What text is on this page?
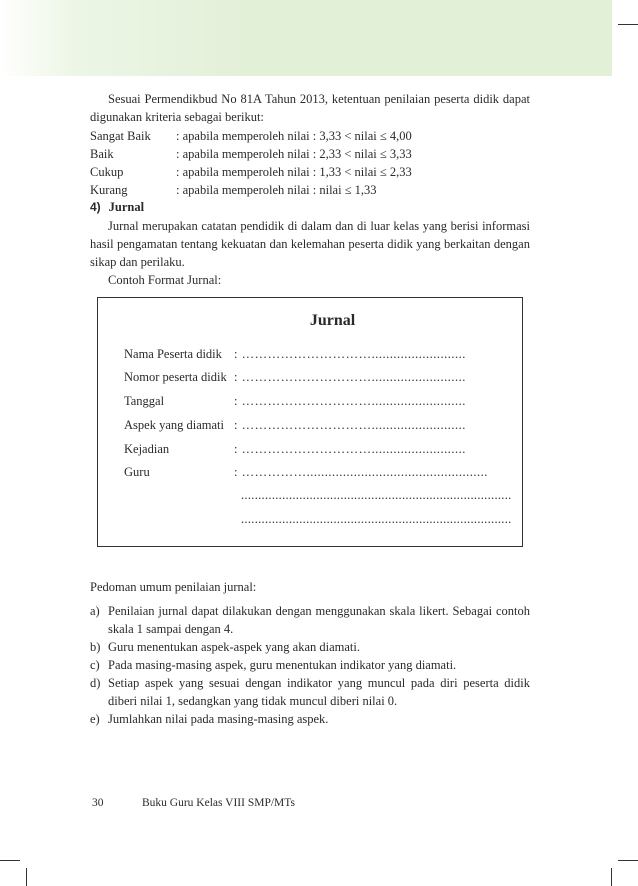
Sesuai Permendikbud No 81A Tahun 2013, ketentuan penilaian peserta didik dapat digunakan kriteria sebagai berikut:

Sangat Baik	: apabila memperoleh nilai : 3,33 < nilai ≤ 4,00
Baik	: apabila memperoleh nilai : 2,33 < nilai ≤ 3,33
Cukup	: apabila memperoleh nilai : 1,33 < nilai ≤ 2,33
Kurang	: apabila memperoleh nilai : nilai ≤ 1,33
4) Jurnal

Jurnal merupakan catatan pendidik di dalam dan di luar kelas yang berisi informasi hasil pengamatan tentang kekuatan dan kelemahan peserta didik yang berkaitan dengan sikap dan perilaku.

Contoh Format Jurnal:

Jurnal
Nama Peserta didik : …………………………..........................
Nomor peserta didik : …………………………..........................
Tanggal	: …………………………..........................
Aspek yang diamati : …………………………..........................
Kejadian	: …………………………..........................
Guru	: ……………..................................................
...............................................................................
...............................................................................

Pedoman umum penilaian jurnal:

a) Penilaian jurnal dapat dilakukan dengan menggunakan skala likert. Sebagai contoh skala 1 sampai dengan 4.
b) Guru menentukan aspek-aspek yang akan diamati.
c) Pada masing-masing aspek, guru menentukan indikator yang diamati.
d) Setiap aspek yang sesuai dengan indikator yang muncul pada diri peserta didik diberi nilai 1, sedangkan yang tidak muncul diberi nilai 0.
e) Jumlahkan nilai pada masing-masing aspek.
30	Buku Guru Kelas VIII SMP/MTs
